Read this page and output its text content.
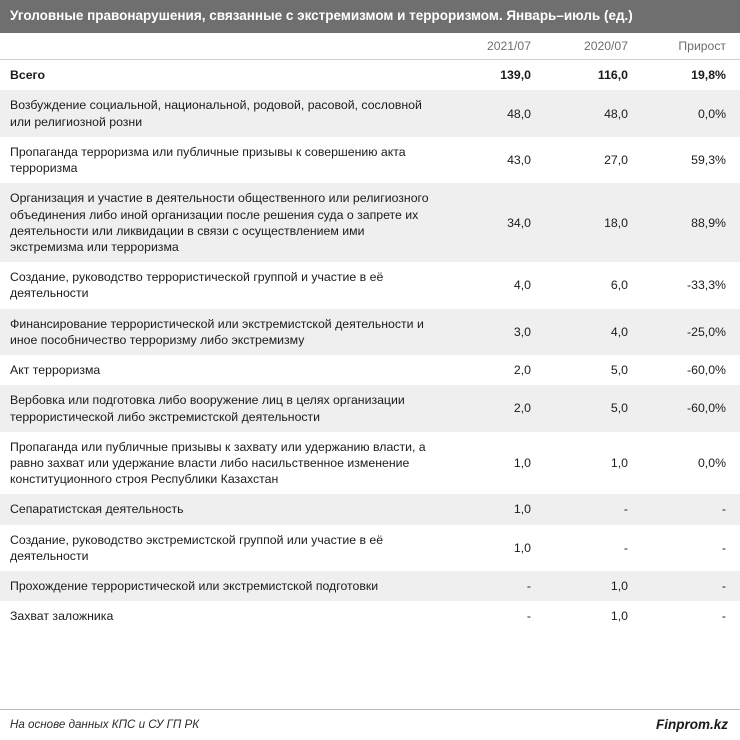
Уголовные правонарушения, связанные с экстремизмом и терроризмом. Январь–июль (ед.)
	2021/07	2020/07	Прирост
Всего	139,0	116,0	19,8%
Возбуждение социальной, национальной, родовой, расовой, сословной или религиозной розни	48,0	48,0	0,0%
Пропаганда терроризма или публичные призывы к совершению акта терроризма	43,0	27,0	59,3%
Организация и участие в деятельности общественного или религиозного объединения либо иной организации после решения суда о запрете их деятельности или ликвидации в связи с осуществлением ими экстремизма или терроризма	34,0	18,0	88,9%
Создание, руководство террористической группой и участие в её деятельности	4,0	6,0	-33,3%
Финансирование террористической или экстремистской деятельности и иное пособничество терроризму либо экстремизму	3,0	4,0	-25,0%
Акт терроризма	2,0	5,0	-60,0%
Вербовка или подготовка либо вооружение лиц в целях организации террористической либо экстремистской деятельности	2,0	5,0	-60,0%
Пропаганда или публичные призывы к захвату или удержанию власти, а равно захват или удержание власти либо насильственное изменение конституционного строя Республики Казахстан	1,0	1,0	0,0%
Сепаратистская деятельность	1,0	-	-
Создание, руководство экстремистской группой или участие в её деятельности	1,0	-	-
Прохождение террористической или экстремистской подготовки	-	1,0	-
Захват заложника	-	1,0	-
На основе данных КПС и СУ ГП РК	Finprom.kz
